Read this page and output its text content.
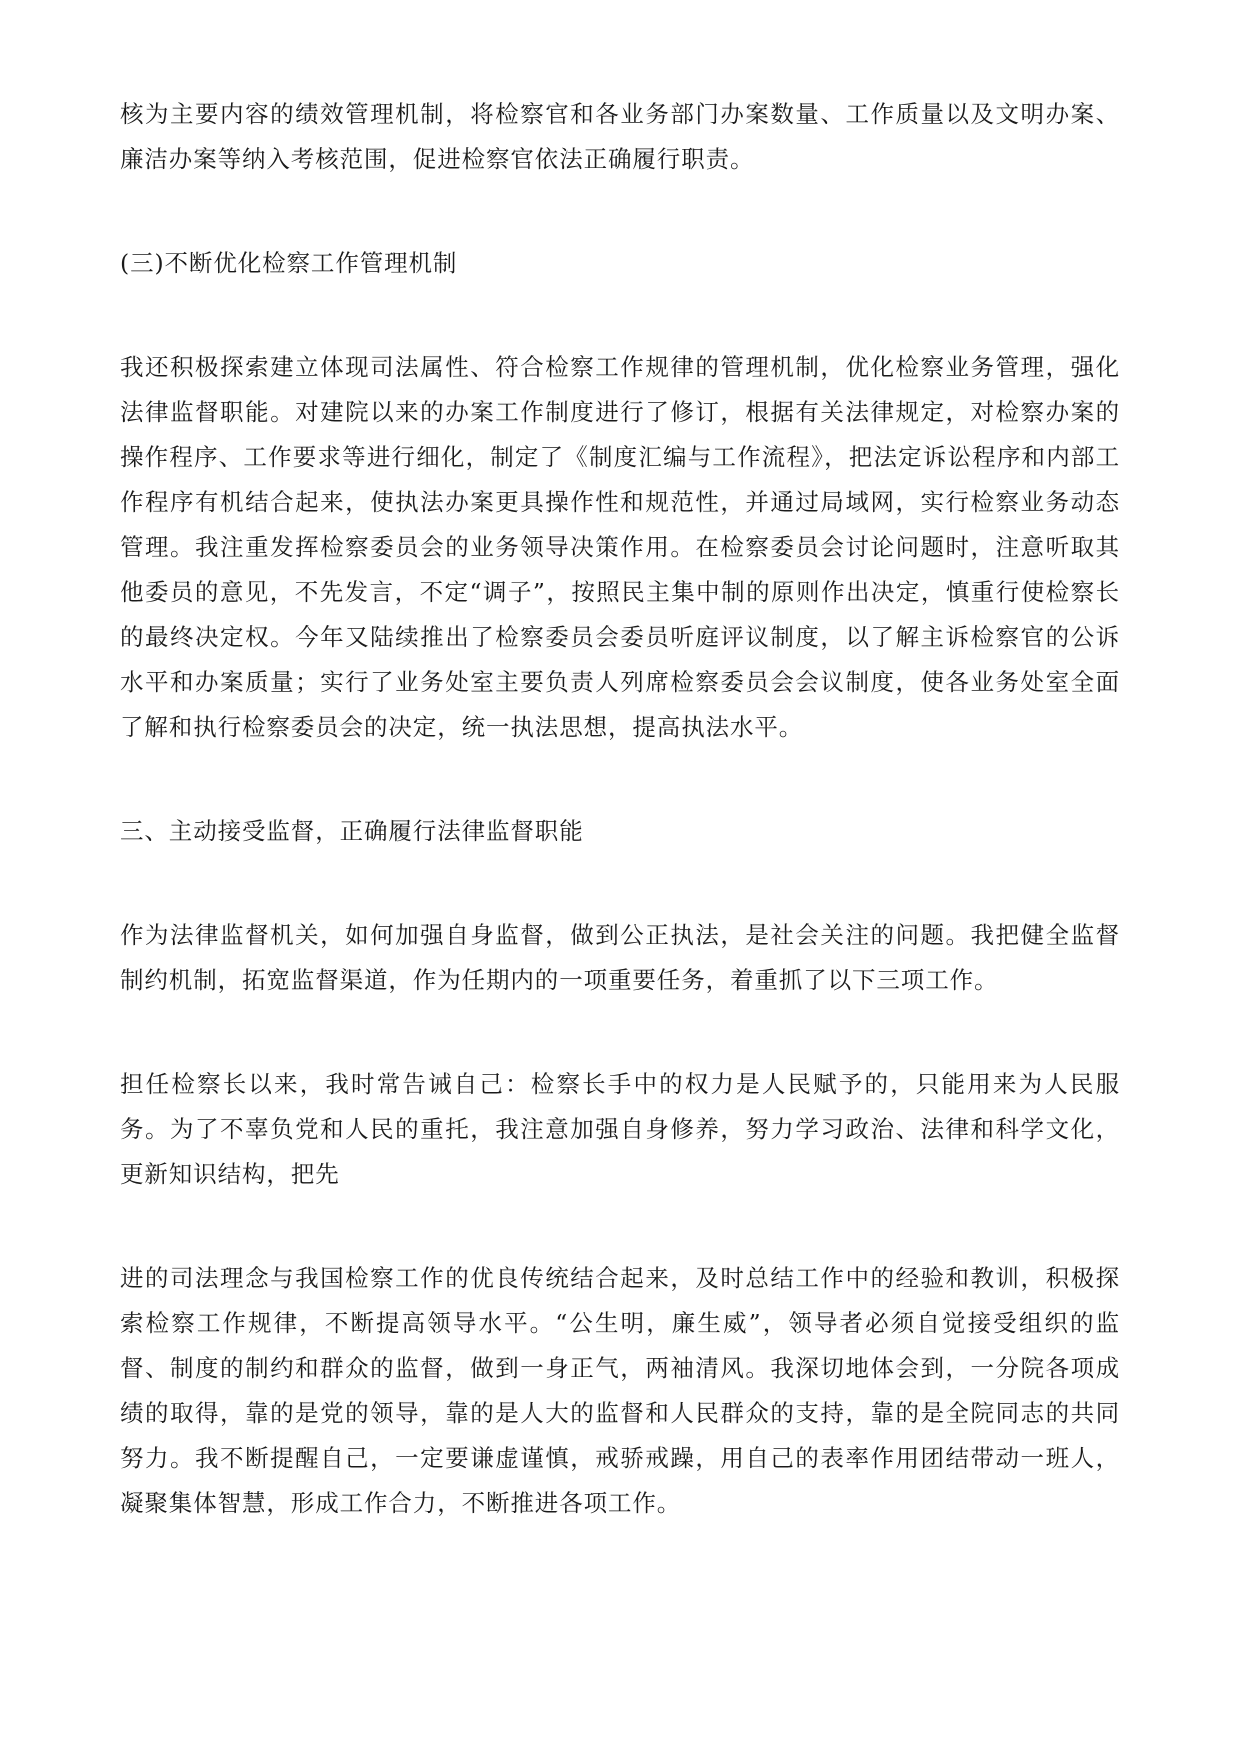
核为主要内容的绩效管理机制，将检察官和各业务部门办案数量、工作质量以及文明办案、廉洁办案等纳入考核范围，促进检察官依法正确履行职责。

(三)不断优化检察工作管理机制

我还积极探索建立体现司法属性、符合检察工作规律的管理机制，优化检察业务管理，强化法律监督职能。对建院以来的办案工作制度进行了修订，根据有关法律规定，对检察办案的操作程序、工作要求等进行细化，制定了《制度汇编与工作流程》，把法定诉讼程序和内部工作程序有机结合起来，使执法办案更具操作性和规范性，并通过局域网，实行检察业务动态管理。我注重发挥检察委员会的业务领导决策作用。在检察委员会讨论问题时，注意听取其他委员的意见，不先发言，不定“调子”，按照民主集中制的原则作出决定，慎重行使检察长的最终决定权。今年又陆续推出了检察委员会委员听庭评议制度，以了解主诉检察官的公诉水平和办案质量；实行了业务处室主要负责人列席检察委员会会议制度，使各业务处室全面了解和执行检察委员会的决定，统一执法思想，提高执法水平。

三、主动接受监督，正确履行法律监督职能

作为法律监督机关，如何加强自身监督，做到公正执法，是社会关注的问题。我把健全监督制约机制，拓宽监督渠道，作为任期内的一项重要任务，着重抓了以下三项工作。

担任检察长以来，我时常告诫自己：检察长手中的权力是人民赋予的，只能用来为人民服务。为了不辜负党和人民的重托，我注意加强自身修养，努力学习政治、法律和科学文化，更新知识结构，把先

进的司法理念与我国检察工作的优良传统结合起来，及时总结工作中的经验和教训，积极探索检察工作规律，不断提高领导水平。“公生明，廉生威”，领导者必须自觉接受组织的监督、制度的制约和群众的监督，做到一身正气，两袖清风。我深切地体会到，一分院各项成绩的取得，靠的是党的领导，靠的是人大的监督和人民群众的支持，靠的是全院同志的共同努力。我不断提醒自己，一定要谦虚谨慎，戒骄戒躁，用自己的表率作用团结带动一班人，凝聚集体智慧，形成工作合力，不断推进各项工作。
